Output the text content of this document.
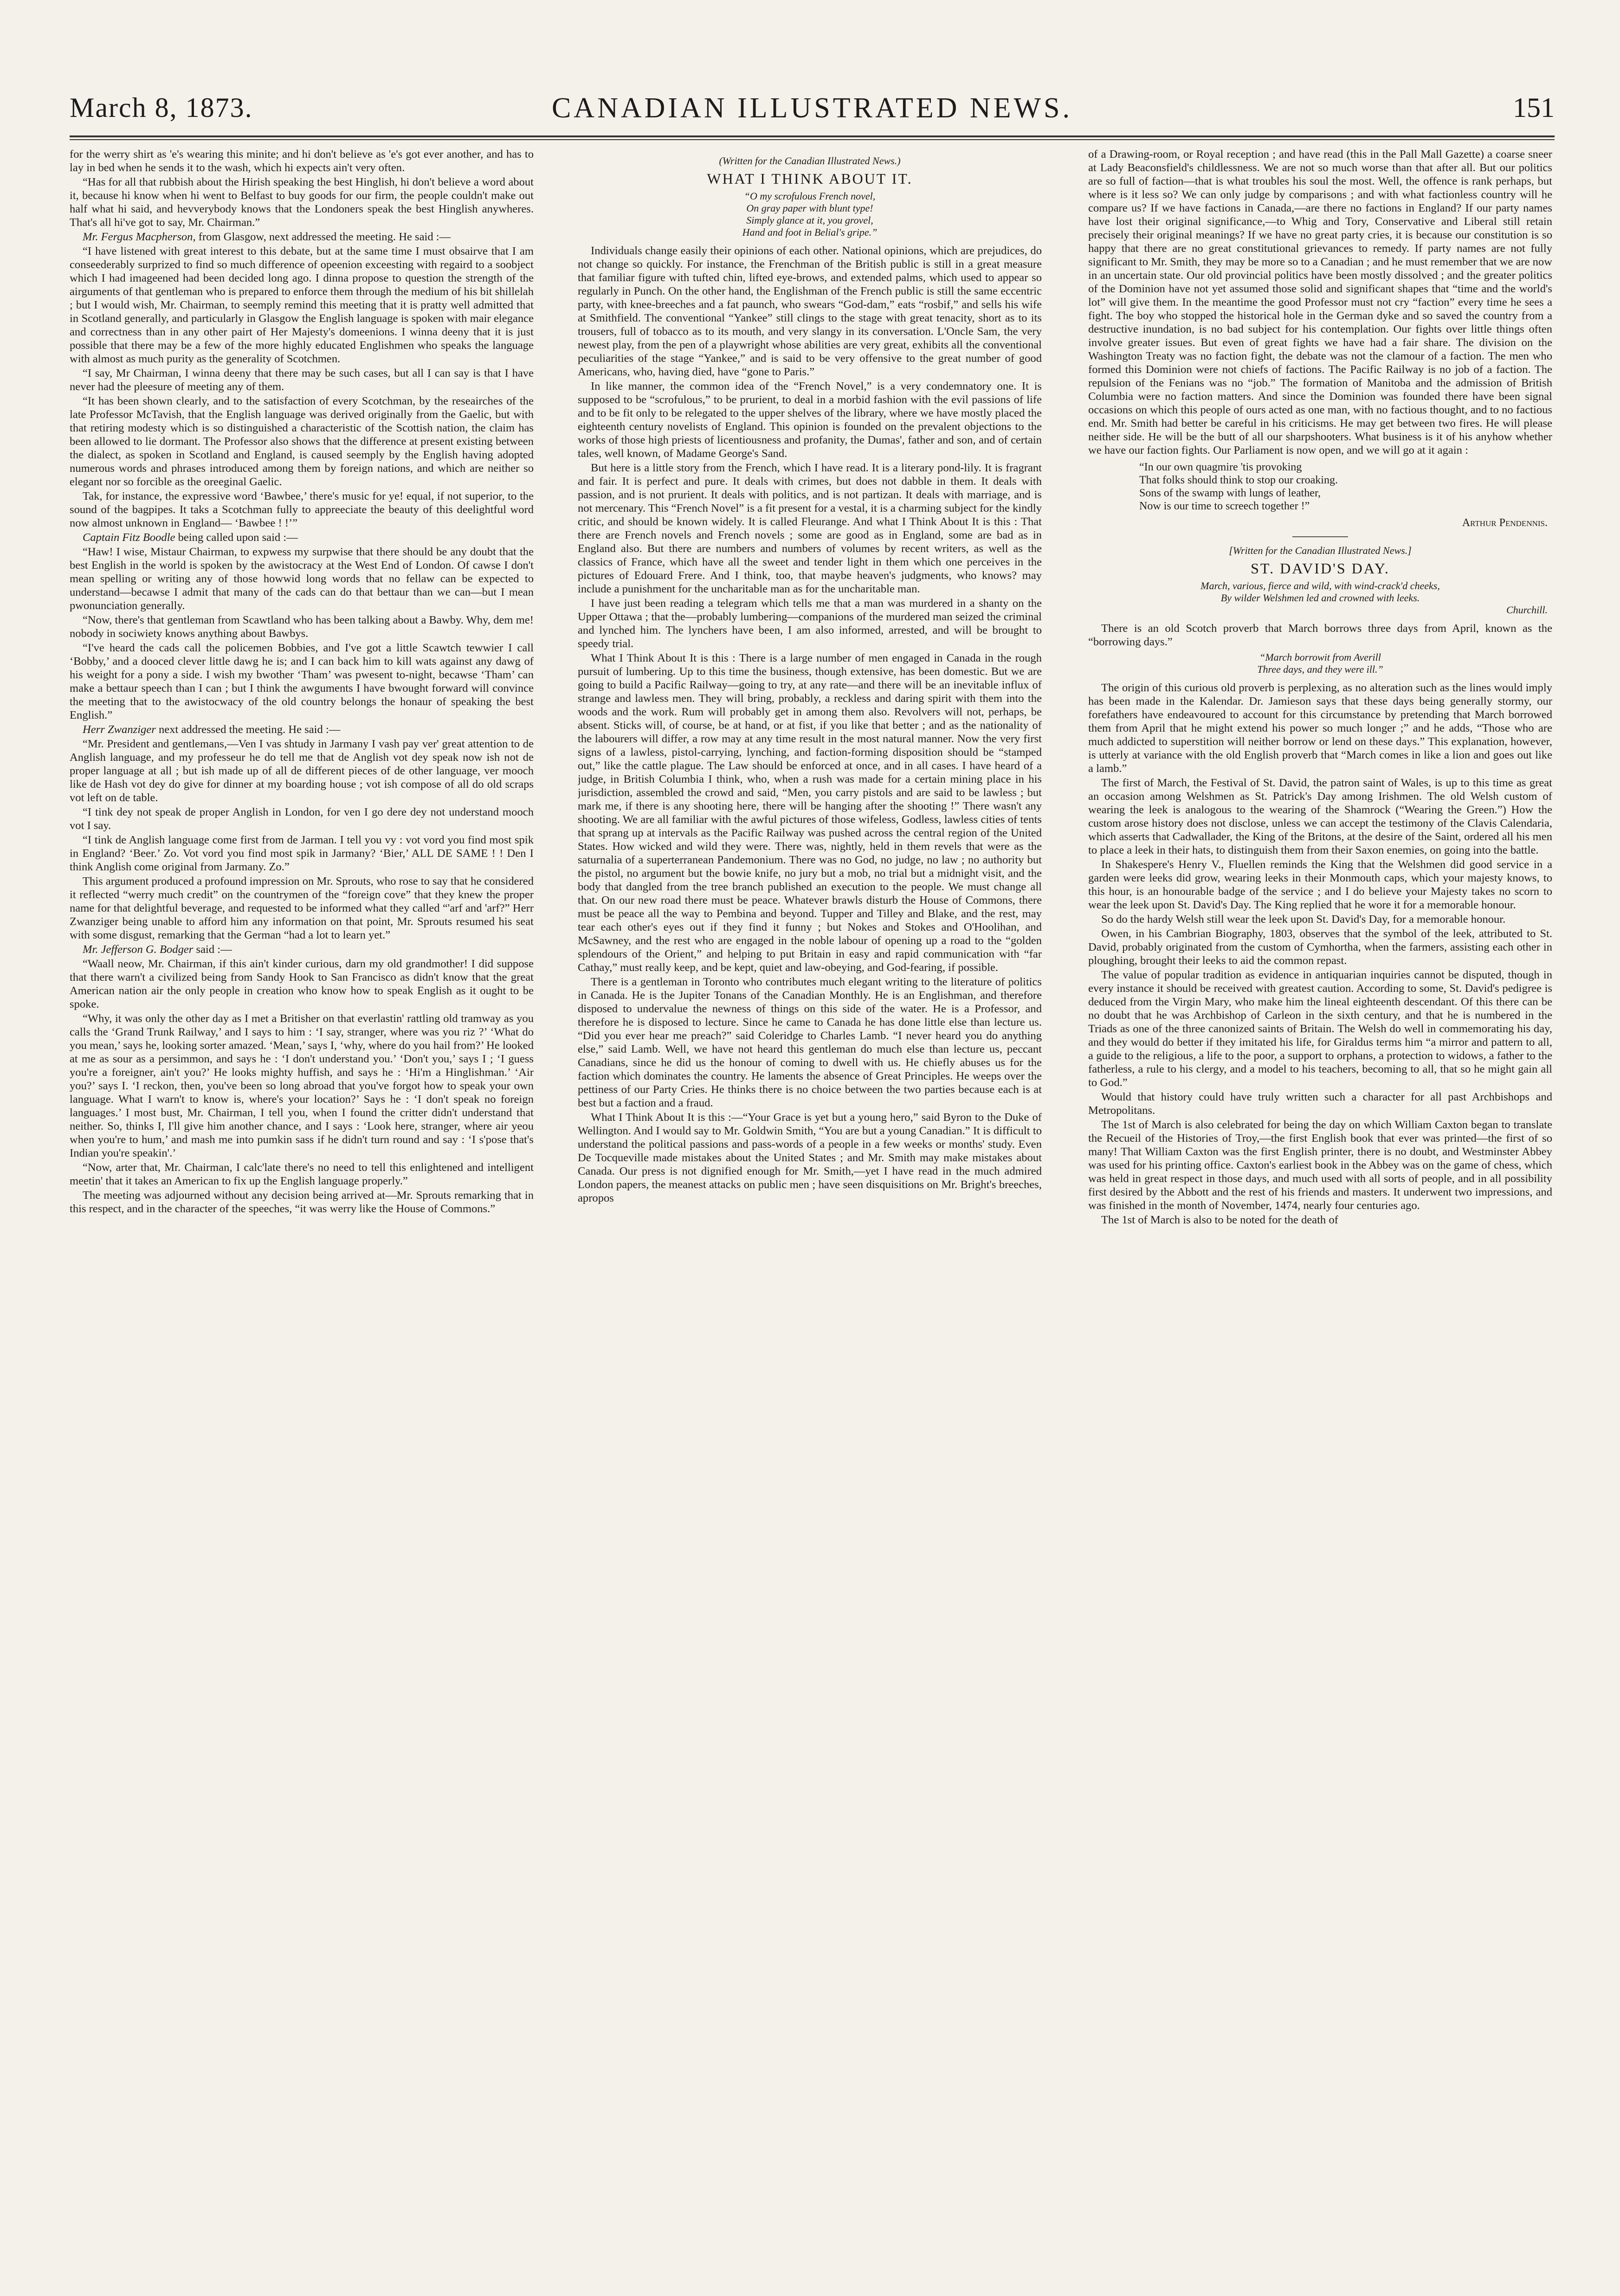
March 8, 1873.	CANADIAN ILLUSTRATED NEWS.	151

for the werry shirt as 'e's wearing this minite; and hi don't believe as 'e's got ever another, and has to lay in bed when he sends it to the wash, which hi expects ain't very often.

“Has for all that rubbish about the Hirish speaking the best Hinglish, hi don't believe a word about it, because hi know when hi went to Belfast to buy goods for our firm, the people couldn't make out half what hi said, and hevverybody knows that the Londoners speak the best Hinglish anywheres. That's all hi've got to say, Mr. Chairman.”

Mr. Fergus Macpherson, from Glasgow, next addressed the meeting. He said :—

“I have listened with great interest to this debate, but at the same time I must obsairve that I am conseederably surprized to find so much difference of opeenion exceesting with regaird to a soobject which I had imageened had been decided long ago. I dinna propose to question the strength of the airguments of that gentleman who is prepared to enforce them through the medium of his bit shillelah ; but I would wish, Mr. Chairman, to seemply remind this meeting that it is pratty well admitted that in Scotland generally, and particularly in Glasgow the English language is spoken with mair elegance and correctness than in any other pairt of Her Majesty's domeenions. I winna deeny that it is just possible that there may be a few of the more highly educated Englishmen who speaks the language with almost as much purity as the generality of Scotchmen.

“I say, Mr Chairman, I winna deeny that there may be such cases, but all I can say is that I have never had the pleesure of meeting any of them.

“It has been shown clearly, and to the satisfaction of every Scotchman, by the reseairches of the late Professor McTavish, that the English language was derived originally from the Gaelic, but with that retiring modesty which is so distinguished a characteristic of the Scottish nation, the claim has been allowed to lie dormant. The Professor also shows that the difference at present existing between the dialect, as spoken in Scotland and England, is caused seemply by the English having adopted numerous words and phrases introduced among them by foreign nations, and which are neither so elegant nor so forcible as the oreeginal Gaelic.

Tak, for instance, the expressive word ‘Bawbee,’ there's music for ye! equal, if not superior, to the sound of the bagpipes. It taks a Scotchman fully to appreeciate the beauty of this deelightful word now almost unknown in England— ‘Bawbee ! !’”

Captain Fitz Boodle being called upon said :—

“Haw! I wise, Mistaur Chairman, to expwess my surpwise that there should be any doubt that the best English in the world is spoken by the awistocracy at the West End of London. Of cawse I don't mean spelling or writing any of those howwid long words that no fellaw can be expected to understand—becawse I admit that many of the cads can do that bettaur than we can—but I mean pwonunciation generally.

“Now, there's that gentleman from Scawtland who has been talking about a Bawby. Why, dem me! nobody in sociwiety knows anything about Bawbys.

“I've heard the cads call the policemen Bobbies, and I've got a little Scawtch tewwier I call ‘Bobby,’ and a dooced clever little dawg he is; and I can back him to kill wats against any dawg of his weight for a pony a side. I wish my bwother ‘Tham’ was pwesent to-night, becawse ‘Tham’ can make a bettaur speech than I can ; but I think the awguments I have bwought forward will convince the meeting that to the awistocwacy of the old country belongs the honaur of speaking the best English.”

Herr Zwanziger next addressed the meeting. He said :—

“Mr. President and gentlemans,—Ven I vas shtudy in Jarmany I vash pay ver' great attention to de Anglish language, and my professeur he do tell me that de Anglish vot dey speak now ish not de proper language at all ; but ish made up of all de different pieces of de other language, ver mooch like de Hash vot dey do give for dinner at my boarding house ; vot ish compose of all do old scraps vot left on de table.

“I tink dey not speak de proper Anglish in London, for ven I go dere dey not understand mooch vot I say.

“I tink de Anglish language come first from de Jarman. I tell you vy : vot vord you find most spik in England? ‘Beer.’ Zo. Vot vord you find most spik in Jarmany? ‘Bier,’ ALL DE SAME ! ! Den I think Anglish come original from Jarmany. Zo.”

This argument produced a profound impression on Mr. Sprouts, who rose to say that he considered it reflected “werry much credit” on the countrymen of the “foreign cove” that they knew the proper name for that delightful beverage, and requested to be informed what they called “'arf and 'arf?” Herr Zwanziger being unable to afford him any information on that point, Mr. Sprouts resumed his seat with some disgust, remarking that the German “had a lot to learn yet.”

Mr. Jefferson G. Bodger said :—

“Waall neow, Mr. Chairman, if this ain't kinder curious, darn my old grandmother! I did suppose that there warn't a civilized being from Sandy Hook to San Francisco as didn't know that the great American nation air the only people in creation who know how to speak English as it ought to be spoke.

“Why, it was only the other day as I met a Britisher on that everlastin' rattling old tramway as you calls the ‘Grand Trunk Railway,’ and I says to him : ‘I say, stranger, where was you riz ?’ ‘What do you mean,’ says he, looking sorter amazed. ‘Mean,’ says I, ‘why, where do you hail from?’ He looked at me as sour as a persimmon, and says he : ‘I don't understand you.’ ‘Don't you,’ says I ; ‘I guess you're a foreigner, ain't you?’ He looks mighty huffish, and says he : ‘Hi'm a Hinglishman.’ ‘Air you?’ says I. ‘I reckon, then, you've been so long abroad that you've forgot how to speak your own language. What I warn't to know is, where's your location?’ Says he : ‘I don't speak no foreign languages.’ I most bust, Mr. Chairman, I tell you, when I found the critter didn't understand that neither. So, thinks I, I'll give him another chance, and I says : ‘Look here, stranger, where air yeou when you're to hum,’ and mash me into pumkin sass if he didn't turn round and say : ‘I s'pose that's Indian you're speakin'.’

“Now, arter that, Mr. Chairman, I calc'late there's no need to tell this enlightened and intelligent meetin' that it takes an American to fix up the English language properly.”

The meeting was adjourned without any decision being arrived at—Mr. Sprouts remarking that in this respect, and in the character of the speeches, “it was werry like the House of Commons.”

(Written for the Canadian Illustrated News.)
WHAT I THINK ABOUT IT.
“O my scrofulous French novel,
On gray paper with blunt type!
Simply glance at it, you grovel,
Hand and foot in Belial's gripe.”

Individuals change easily their opinions of each other. National opinions, which are prejudices, do not change so quickly. For instance, the Frenchman of the British public is still in a great measure that familiar figure with tufted chin, lifted eye-brows, and extended palms, which used to appear so regularly in Punch. On the other hand, the Englishman of the French public is still the same eccentric party, with knee-breeches and a fat paunch, who swears “God-dam,” eats “rosbif,” and sells his wife at Smithfield. The conventional “Yankee” still clings to the stage with great tenacity, short as to its trousers, full of tobacco as to its mouth, and very slangy in its conversation. L'Oncle Sam, the very newest play, from the pen of a playwright whose abilities are very great, exhibits all the conventional peculiarities of the stage “Yankee,” and is said to be very offensive to the great number of good Americans, who, having died, have “gone to Paris.”

In like manner, the common idea of the “French Novel,” is a very condemnatory one. It is supposed to be “scrofulous,” to be prurient, to deal in a morbid fashion with the evil passions of life and to be fit only to be relegated to the upper shelves of the library, where we have mostly placed the eighteenth century novelists of England. This opinion is founded on the prevalent objections to the works of those high priests of licentiousness and profanity, the Dumas', father and son, and of certain tales, well known, of Madame George's Sand.

But here is a little story from the French, which I have read. It is a literary pond-lily. It is fragrant and fair. It is perfect and pure. It deals with crimes, but does not dabble in them. It deals with passion, and is not prurient. It deals with politics, and is not partizan. It deals with marriage, and is not mercenary. This “French Novel” is a fit present for a vestal, it is a charming subject for the kindly critic, and should be known widely. It is called Fleurange. And what I Think About It is this : That there are French novels and French novels ; some are good as in England, some are bad as in England also. But there are numbers and numbers of volumes by recent writers, as well as the classics of France, which have all the sweet and tender light in them which one perceives in the pictures of Edouard Frere. And I think, too, that maybe heaven's judgments, who knows? may include a punishment for the uncharitable man as for the uncharitable man.

I have just been reading a telegram which tells me that a man was murdered in a shanty on the Upper Ottawa ; that the—probably lumbering—companions of the murdered man seized the criminal and lynched him. The lynchers have been, I am also informed, arrested, and will be brought to speedy trial.

What I Think About It is this : There is a large number of men engaged in Canada in the rough pursuit of lumbering. Up to this time the business, though extensive, has been domestic. But we are going to build a Pacific Railway—going to try, at any rate—and there will be an inevitable influx of strange and lawless men. They will bring, probably, a reckless and daring spirit with them into the woods and the work. Rum will probably get in among them also. Revolvers will not, perhaps, be absent. Sticks will, of course, be at hand, or at fist, if you like that better ; and as the nationality of the labourers will differ, a row may at any time result in the most natural manner. Now the very first signs of a lawless, pistol-carrying, lynching, and faction-forming disposition should be “stamped out,” like the cattle plague. The Law should be enforced at once, and in all cases. I have heard of a judge, in British Columbia I think, who, when a rush was made for a certain mining place in his jurisdiction, assembled the crowd and said, “Men, you carry pistols and are said to be lawless ; but mark me, if there is any shooting here, there will be hanging after the shooting !” There wasn't any shooting. We are all familiar with the awful pictures of those wifeless, Godless, lawless cities of tents that sprang up at intervals as the Pacific Railway was pushed across the central region of the United States. How wicked and wild they were. There was, nightly, held in them revels that were as the saturnalia of a superterranean Pandemonium. There was no God, no judge, no law ; no authority but the pistol, no argument but the bowie knife, no jury but a mob, no trial but a midnight visit, and the body that dangled from the tree branch published an execution to the people. We must change all that. On our new road there must be peace. Whatever brawls disturb the House of Commons, there must be peace all the way to Pembina and beyond. Tupper and Tilley and Blake, and the rest, may tear each other's eyes out if they find it funny ; but Nokes and Stokes and O'Hoolihan, and McSawney, and the rest who are engaged in the noble labour of opening up a road to the “golden splendours of the Orient,” and helping to put Britain in easy and rapid communication with “far Cathay,” must really keep, and be kept, quiet and law-obeying, and God-fearing, if possible.

There is a gentleman in Toronto who contributes much elegant writing to the literature of politics in Canada. He is the Jupiter Tonans of the Canadian Monthly. He is an Englishman, and therefore disposed to undervalue the newness of things on this side of the water. He is a Professor, and therefore he is disposed to lecture. Since he came to Canada he has done little else than lecture us. “Did you ever hear me preach?” said Coleridge to Charles Lamb. “I never heard you do anything else,” said Lamb. Well, we have not heard this gentleman do much else than lecture us, peccant Canadians, since he did us the honour of coming to dwell with us. He chiefly abuses us for the faction which dominates the country. He laments the absence of Great Principles. He weeps over the pettiness of our Party Cries. He thinks there is no choice between the two parties because each is at best but a faction and a fraud.

What I Think About It is this :—“Your Grace is yet but a young hero,” said Byron to the Duke of Wellington. And I would say to Mr. Goldwin Smith, “You are but a young Canadian.” It is difficult to understand the political passions and pass-words of a people in a few weeks or months' study. Even De Tocqueville made mistakes about the United States ; and Mr. Smith may make mistakes about Canada. Our press is not dignified enough for Mr. Smith,—yet I have read in the much admired London papers, the meanest attacks on public men ; have seen disquisitions on Mr. Bright's breeches, apropos

of a Drawing-room, or Royal reception ; and have read (this in the Pall Mall Gazette) a coarse sneer at Lady Beaconsfield's childlessness. We are not so much worse than that after all. But our politics are so full of faction—that is what troubles his soul the most. Well, the offence is rank perhaps, but where is it less so? We can only judge by comparisons ; and with what factionless country will he compare us? If we have factions in Canada,—are there no factions in England? If our party names have lost their original significance,—to Whig and Tory, Conservative and Liberal still retain precisely their original meanings? If we have no great party cries, it is because our constitution is so happy that there are no great constitutional grievances to remedy. If party names are not fully significant to Mr. Smith, they may be more so to a Canadian ; and he must remember that we are now in an uncertain state. Our old provincial politics have been mostly dissolved ; and the greater politics of the Dominion have not yet assumed those solid and significant shapes that “time and the world's lot” will give them. In the meantime the good Professor must not cry “faction” every time he sees a fight. The boy who stopped the historical hole in the German dyke and so saved the country from a destructive inundation, is no bad subject for his contemplation. Our fights over little things often involve greater issues. But even of great fights we have had a fair share. The division on the Washington Treaty was no faction fight, the debate was not the clamour of a faction. The men who formed this Dominion were not chiefs of factions. The Pacific Railway is no job of a faction. The repulsion of the Fenians was no “job.” The formation of Manitoba and the admission of British Columbia were no faction matters. And since the Dominion was founded there have been signal occasions on which this people of ours acted as one man, with no factious thought, and to no factious end. Mr. Smith had better be careful in his criticisms. He may get between two fires. He will please neither side. He will be the butt of all our sharpshooters. What business is it of his anyhow whether we have our faction fights. Our Parliament is now open, and we will go at it again :

“In our own quagmire 'tis provoking
That folks should think to stop our croaking.
Sons of the swamp with lungs of leather,
Now is our time to screech together !”
Arthur Pendennis.
[Written for the Canadian Illustrated News.]
ST. DAVID'S DAY.
March, various, fierce and wild, with wind-crack'd cheeks,
By wilder Welshmen led and crowned with leeks.
Churchill.

There is an old Scotch proverb that March borrows three days from April, known as the “borrowing days.”

“March borrowit from Averill
Three days, and they were ill.”

The origin of this curious old proverb is perplexing, as no alteration such as the lines would imply has been made in the Kalendar. Dr. Jamieson says that these days being generally stormy, our forefathers have endeavoured to account for this circumstance by pretending that March borrowed them from April that he might extend his power so much longer ;” and he adds, “Those who are much addicted to superstition will neither borrow or lend on these days.” This explanation, however, is utterly at variance with the old English proverb that “March comes in like a lion and goes out like a lamb.”

The first of March, the Festival of St. David, the patron saint of Wales, is up to this time as great an occasion among Welshmen as St. Patrick's Day among Irishmen. The old Welsh custom of wearing the leek is analogous to the wearing of the Shamrock (“Wearing the Green.”) How the custom arose history does not disclose, unless we can accept the testimony of the Clavis Calendaria, which asserts that Cadwallader, the King of the Britons, at the desire of the Saint, ordered all his men to place a leek in their hats, to distinguish them from their Saxon enemies, on going into the battle.

In Shakespere's Henry V., Fluellen reminds the King that the Welshmen did good service in a garden were leeks did grow, wearing leeks in their Monmouth caps, which your majesty knows, to this hour, is an honourable badge of the service ; and I do believe your Majesty takes no scorn to wear the leek upon St. David's Day. The King replied that he wore it for a memorable honour.

So do the hardy Welsh still wear the leek upon St. David's Day, for a memorable honour.

Owen, in his Cambrian Biography, 1803, observes that the symbol of the leek, attributed to St. David, probably originated from the custom of Cymhortha, when the farmers, assisting each other in ploughing, brought their leeks to aid the common repast.

The value of popular tradition as evidence in antiquarian inquiries cannot be disputed, though in every instance it should be received with greatest caution. According to some, St. David's pedigree is deduced from the Virgin Mary, who make him the lineal eighteenth descendant. Of this there can be no doubt that he was Archbishop of Carleon in the sixth century, and that he is numbered in the Triads as one of the three canonized saints of Britain. The Welsh do well in commemorating his day, and they would do better if they imitated his life, for Giraldus terms him “a mirror and pattern to all, a guide to the religious, a life to the poor, a support to orphans, a protection to widows, a father to the fatherless, a rule to his clergy, and a model to his teachers, becoming to all, that so he might gain all to God.”

Would that history could have truly written such a character for all past Archbishops and Metropolitans.

The 1st of March is also celebrated for being the day on which William Caxton began to translate the Recueil of the Histories of Troy,—the first English book that ever was printed—the first of so many! That William Caxton was the first English printer, there is no doubt, and Westminster Abbey was used for his printing office. Caxton's earliest book in the Abbey was on the game of chess, which was held in great respect in those days, and much used with all sorts of people, and in all possibility first desired by the Abbott and the rest of his friends and masters. It underwent two impressions, and was finished in the month of November, 1474, nearly four centuries ago.

The 1st of March is also to be noted for the death of
